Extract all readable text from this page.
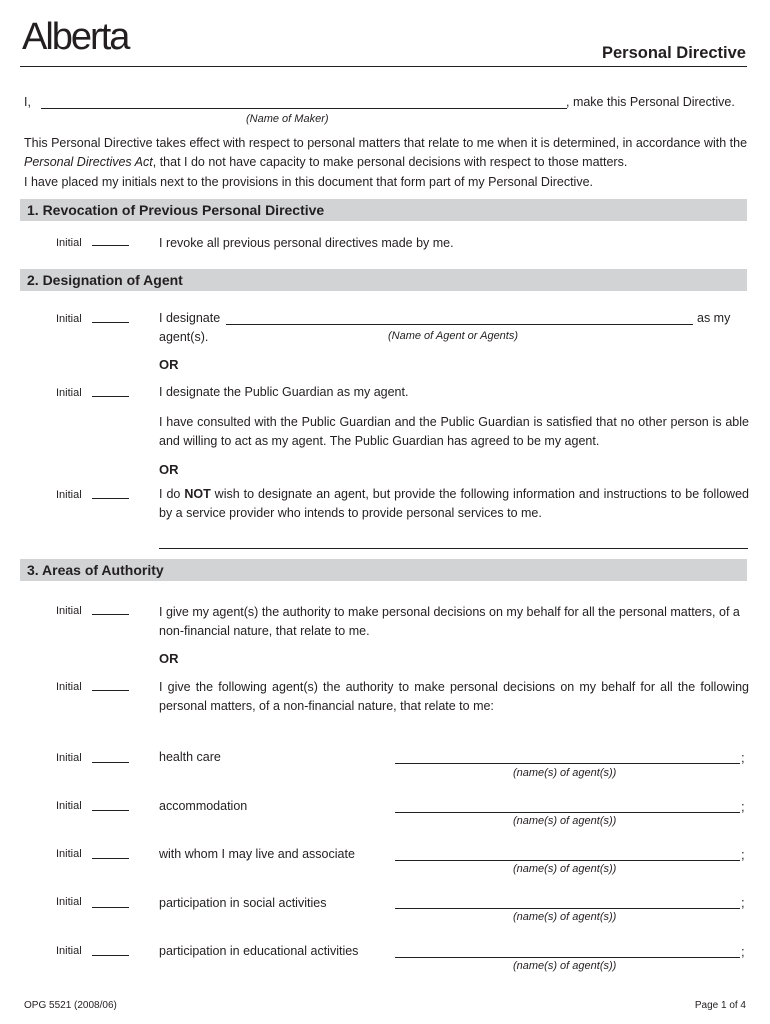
Alberta	Personal Directive
I,	, make this Personal Directive.
(Name of Maker)
This Personal Directive takes effect with respect to personal matters that relate to me when it is determined, in accordance with the Personal Directives Act, that I do not have capacity to make personal decisions with respect to those matters.
I have placed my initials next to the provisions in this document that form part of my Personal Directive.
1. Revocation of Previous Personal Directive
Initial	I revoke all previous personal directives made by me.
2. Designation of Agent
Initial	I designate	as my
agent(s).	(Name of Agent or Agents)
OR
Initial	I designate the Public Guardian as my agent.
I have consulted with the Public Guardian and the Public Guardian is satisfied that no other person is able and willing to act as my agent. The Public Guardian has agreed to be my agent.
OR
Initial	I do NOT wish to designate an agent, but provide the following information and instructions to be followed by a service provider who intends to provide personal services to me.
3. Areas of Authority
Initial	I give my agent(s) the authority to make personal decisions on my behalf for all the personal matters, of a non-financial nature, that relate to me.
OR
Initial	I give the following agent(s) the authority to make personal decisions on my behalf for all the following personal matters, of a non-financial nature, that relate to me:
Initial	health care	;
(name(s) of agent(s))
Initial	accommodation	;
(name(s) of agent(s))
Initial	with whom I may live and associate	;
(name(s) of agent(s))
Initial	participation in social activities	;
(name(s) of agent(s))
Initial	participation in educational activities	;
(name(s) of agent(s))
OPG 5521 (2008/06)	Page 1 of 4
